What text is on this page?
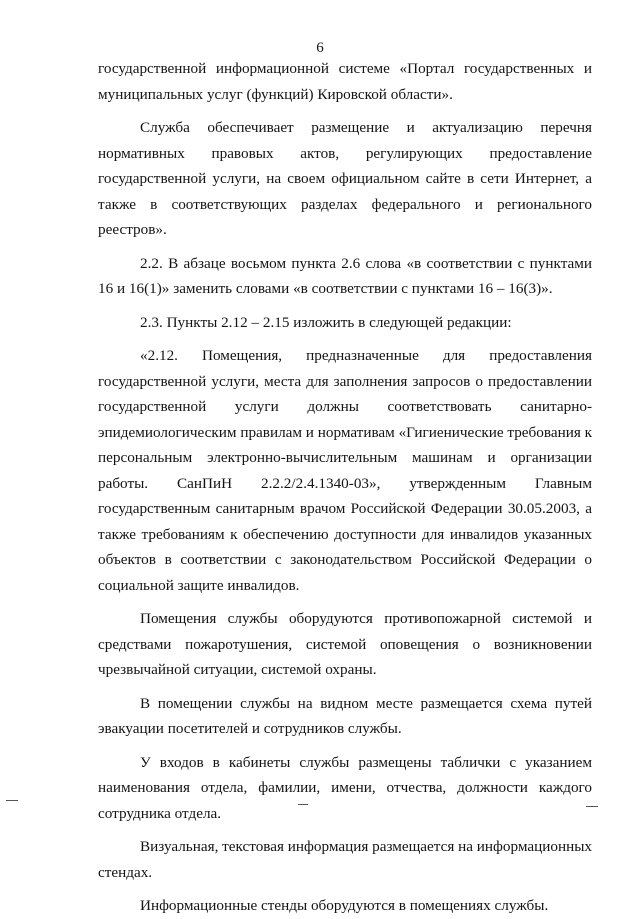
6

государственной информационной системе «Портал государственных и муниципальных услуг (функций) Кировской области».

Служба обеспечивает размещение и актуализацию перечня нормативных правовых актов, регулирующих предоставление государственной услуги, на своем официальном сайте в сети Интернет, а также в соответствующих разделах федерального и регионального реестров».

2.2. В абзаце восьмом пункта 2.6 слова «в соответствии с пунктами 16 и 16(1)» заменить словами «в соответствии с пунктами 16 – 16(3)».

2.3. Пункты 2.12 – 2.15 изложить в следующей редакции:

«2.12. Помещения, предназначенные для предоставления государственной услуги, места для заполнения запросов о предоставлении государственной услуги должны соответствовать санитарно-эпидемиологическим правилам и нормативам «Гигиенические требования к персональным электронно-вычислительным машинам и организации работы. СанПиН 2.2.2/2.4.1340-03», утвержденным Главным государственным санитарным врачом Российской Федерации 30.05.2003, а также требованиям к обеспечению доступности для инвалидов указанных объектов в соответствии с законодательством Российской Федерации о социальной защите инвалидов.

Помещения службы оборудуются противопожарной системой и средствами пожаротушения, системой оповещения о возникновении чрезвычайной ситуации, системой охраны.

В помещении службы на видном месте размещается схема путей эвакуации посетителей и сотрудников службы.

У входов в кабинеты службы размещены таблички с указанием наименования отдела, фамилии, имени, отчества, должности каждого сотрудника отдела.

Визуальная, текстовая информация размещается на информационных стендах.

Информационные стенды оборудуются в помещениях службы.
